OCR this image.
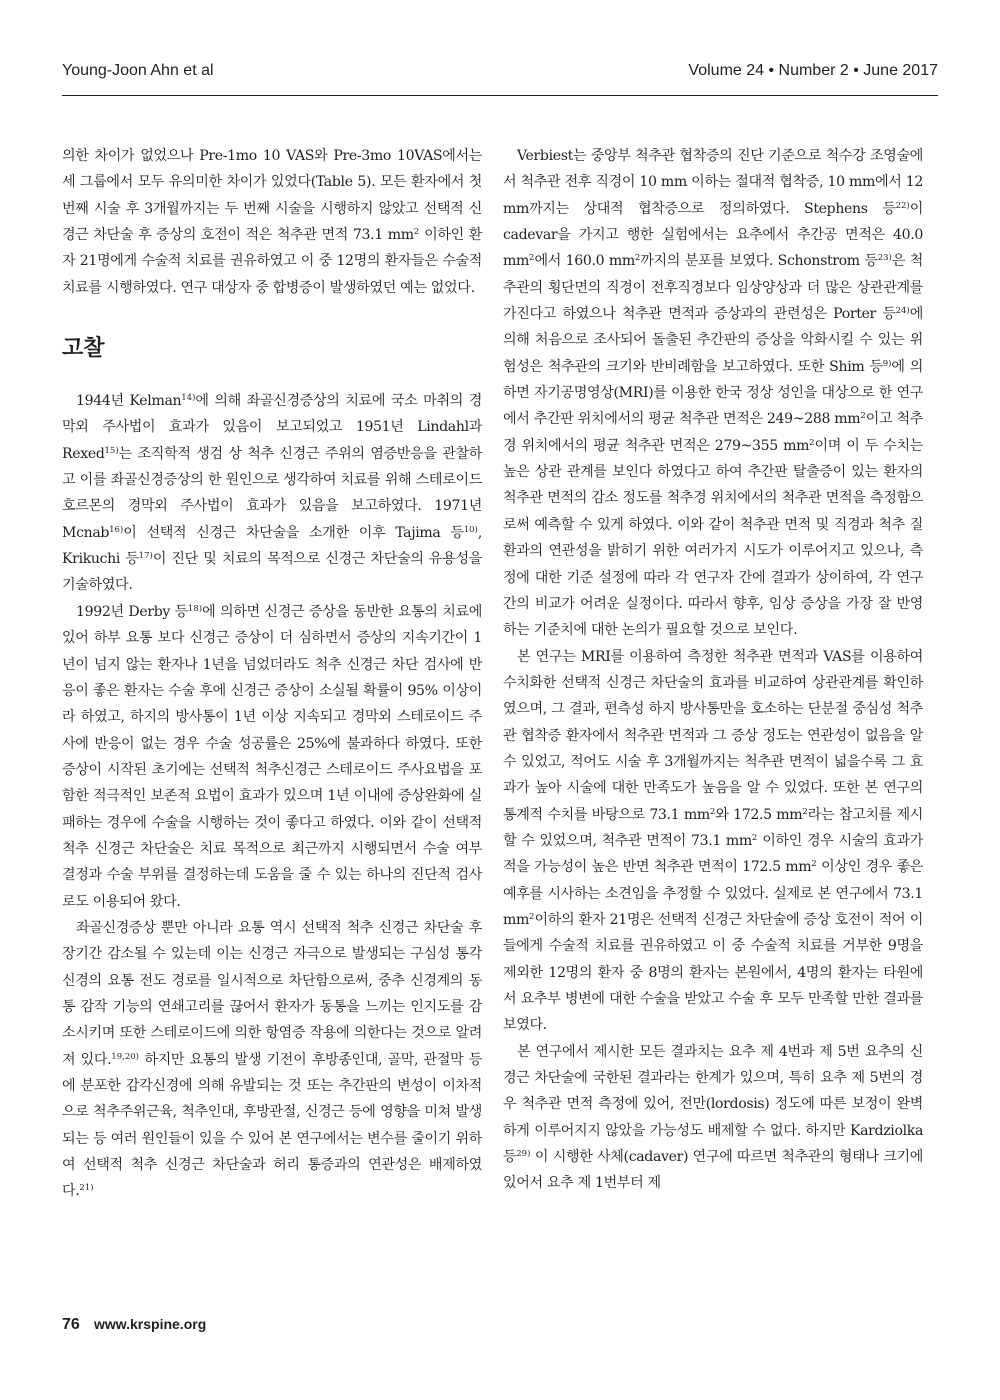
Young-Joon Ahn et al	Volume 24 • Number 2 • June 2017

의한 차이가 없었으나 Pre-1mo 10 VAS와 Pre-3mo 10VAS에서는 세 그룹에서 모두 유의미한 차이가 있었다(Table 5). 모든 환자에서 첫 번째 시술 후 3개월까지는 두 번째 시술을 시행하지 않았고 선택적 신경근 차단술 후 증상의 호전이 적은 척추관 면적 73.1 $mm^2$ 이하인 환자 21명에게 수술적 치료를 권유하였고 이 중 12명의 환자들은 수술적 치료를 시행하였다. 연구 대상자 중 합병증이 발생하였던 예는 없었다.

고찰

1944년 Kelman$^{14)}$에 의해 좌골신경증상의 치료에 국소 마취의 경막외 주사법이 효과가 있음이 보고되었고 1951년 Lindahl과 Rexed$^{15)}$는 조직학적 생검 상 척추 신경근 주위의 염증반응을 관찰하고 이를 좌골신경증상의 한 원인으로 생각하여 치료를 위해 스테로이드 호르몬의 경막외 주사법이 효과가 있음을 보고하였다. 1971년 Mcnab$^{16)}$이 선택적 신경근 차단술을 소개한 이후 Tajima 등$^{10)}$, Krikuchi 등$^{17)}$이 진단 및 치료의 목적으로 신경근 차단술의 유용성을 기술하였다.

1992년 Derby 등$^{18)}$에 의하면 신경근 증상을 동반한 요통의 치료에 있어 하부 요통 보다 신경근 증상이 더 심하면서 증상의 지속기간이 1년이 넘지 않는 환자나 1년을 넘었더라도 척추 신경근 차단 검사에 반응이 좋은 환자는 수술 후에 신경근 증상이 소실될 확률이 95% 이상이라 하였고, 하지의 방사통이 1년 이상 지속되고 경막외 스테로이드 주사에 반응이 없는 경우 수술 성공률은 25%에 불과하다 하였다. 또한 증상이 시작된 초기에는 선택적 척추신경근 스테로이드 주사요법을 포함한 적극적인 보존적 요법이 효과가 있으며 1년 이내에 증상완화에 실패하는 경우에 수술을 시행하는 것이 좋다고 하였다. 이와 같이 선택적 척추 신경근 차단술은 치료 목적으로 최근까지 시행되면서 수술 여부 결정과 수술 부위를 결정하는데 도움을 줄 수 있는 하나의 진단적 검사로도 이용되어 왔다.

좌골신경증상 뿐만 아니라 요통 역시 선택적 척추 신경근 차단술 후 장기간 감소될 수 있는데 이는 신경근 자극으로 발생되는 구심성 통각신경의 요통 전도 경로를 일시적으로 차단함으로써, 중추 신경계의 동통 감작 기능의 연쇄고리를 끊어서 환자가 동통을 느끼는 인지도를 감소시키며 또한 스테로이드에 의한 항염증 작용에 의한다는 것으로 알려져 있다.$^{19,20)}$ 하지만 요통의 발생 기전이 후방종인대, 골막, 관절막 등에 분포한 감각신경에 의해 유발되는 것 또는 추간판의 변성이 이차적으로 척추주위근육, 척추인대, 후방관절, 신경근 등에 영향을 미쳐 발생되는 등 여러 원인들이 있을 수 있어 본 연구에서는 변수를 줄이기 위하여 선택적 척추 신경근 차단술과 허리 통증과의 연관성은 배제하였다.$^{21)}$

Verbiest는 중앙부 척추관 협착증의 진단 기준으로 척수강 조영술에서 척추관 전후 직경이 10 mm 이하는 절대적 협착증, 10 mm에서 12 mm까지는 상대적 협착증으로 정의하였다. Stephens 등$^{22)}$이 cadevar을 가지고 행한 실험에서는 요추에서 추간공 면적은 40.0 $mm^2$에서 160.0 $mm^2$까지의 분포를 보였다. Schonstrom 등$^{23)}$은 척추관의 횡단면의 직경이 전후직경보다 임상양상과 더 많은 상관관계를 가진다고 하였으나 척추관 면적과 증상과의 관련성은 Porter 등$^{24)}$에 의해 처음으로 조사되어 돌출된 추간판의 증상을 악화시킬 수 있는 위험성은 척추관의 크기와 반비례함을 보고하였다. 또한 Shim 등$^{9)}$에 의하면 자기공명영상(MRI)를 이용한 한국 정상 성인을 대상으로 한 연구에서 추간판 위치에서의 평균 척추관 면적은 249~288 $mm^2$이고 척추경 위치에서의 평균 척추관 면적은 279~355 $mm^2$이며 이 두 수치는 높은 상관 관계를 보인다 하였다고 하여 추간판 탈출증이 있는 환자의 척추관 면적의 감소 정도를 척추경 위치에서의 척추관 면적을 측정함으로써 예측할 수 있게 하였다. 이와 같이 척추관 면적 및 직경과 척추 질환과의 연관성을 밝히기 위한 여러가지 시도가 이루어지고 있으나, 측정에 대한 기준 설정에 따라 각 연구자 간에 결과가 상이하여, 각 연구간의 비교가 어려운 실정이다. 따라서 향후, 임상 증상을 가장 잘 반영하는 기준치에 대한 논의가 필요할 것으로 보인다.

본 연구는 MRI를 이용하여 측정한 척추관 면적과 VAS를 이용하여 수치화한 선택적 신경근 차단술의 효과를 비교하여 상관관계를 확인하였으며, 그 결과, 편측성 하지 방사통만을 호소하는 단분절 중심성 척추관 협착증 환자에서 척추관 면적과 그 증상 정도는 연관성이 없음을 알 수 있었고, 적어도 시술 후 3개월까지는 척추관 면적이 넓을수록 그 효과가 높아 시술에 대한 만족도가 높음을 알 수 있었다. 또한 본 연구의 통계적 수치를 바탕으로 73.1 $mm^2$와 172.5 $mm^2$라는 참고치를 제시할 수 있었으며, 척추관 면적이 73.1 $mm^2$ 이하인 경우 시술의 효과가 적을 가능성이 높은 반면 척추관 면적이 172.5 $mm^2$ 이상인 경우 좋은 예후를 시사하는 소견임을 추정할 수 있었다. 실제로 본 연구에서 73.1 $mm^2$이하의 환자 21명은 선택적 신경근 차단술에 증상 호전이 적어 이들에게 수술적 치료를 권유하였고 이 중 수술적 치료를 거부한 9명을 제외한 12명의 환자 중 8명의 환자는 본원에서, 4명의 환자는 타원에서 요추부 병변에 대한 수술을 받았고 수술 후 모두 만족할 만한 결과를 보였다.

본 연구에서 제시한 모든 결과치는 요추 제 4번과 제 5번 요추의 신경근 차단술에 국한된 결과라는 한계가 있으며, 특히 요추 제 5번의 경우 척추관 면적 측정에 있어, 전만(lordosis) 정도에 따른 보정이 완벽하게 이루어지지 않았을 가능성도 배제할 수 없다. 하지만 Kardziolka 등$^{29)}$ 이 시행한 사체(cadaver) 연구에 따르면 척추관의 형태나 크기에 있어서 요추 제 1번부터 제

76 www.krspine.org
